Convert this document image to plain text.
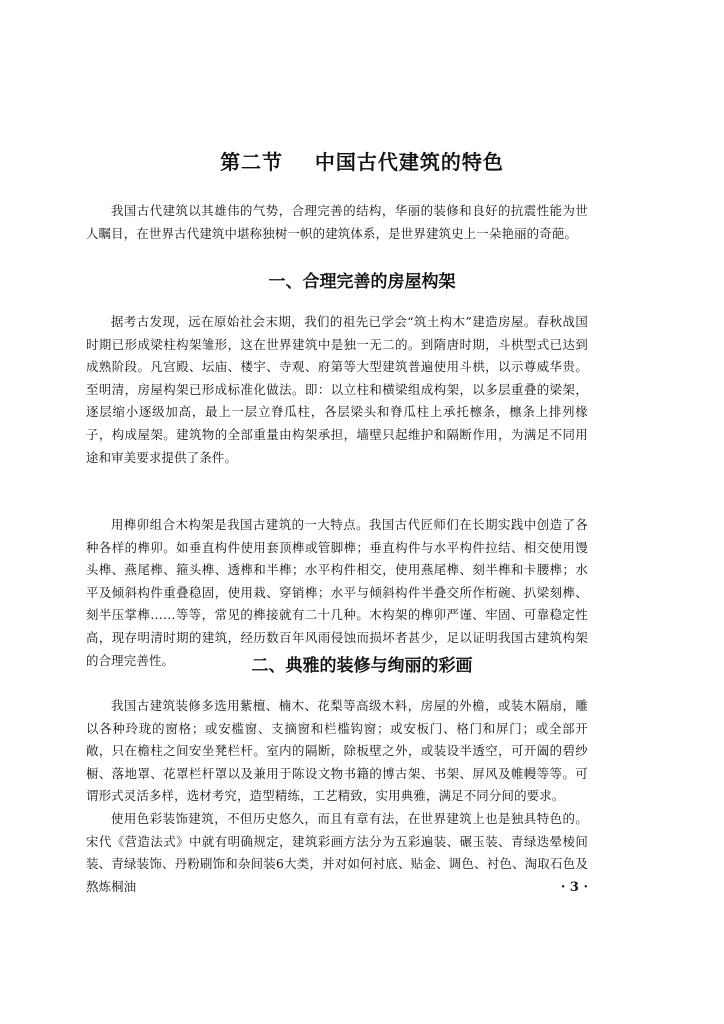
第二节    中国古代建筑的特色

我国古代建筑以其雄伟的气势，合理完善的结构，华丽的装修和良好的抗震性能为世人瞩目，在世界古代建筑中堪称独树一帜的建筑体系，是世界建筑史上一朵艳丽的奇葩。

一、合理完善的房屋构架

据考古发现，远在原始社会末期，我们的祖先已学会“筑土构木”建造房屋。春秋战国时期已形成梁柱构架雏形，这在世界建筑中是独一无二的。到隋唐时期，斗栱型式已达到成熟阶段。凡宫殿、坛庙、楼宇、寺观、府第等大型建筑普遍使用斗栱，以示尊威华贵。至明清，房屋构架已形成标准化做法。即：以立柱和横梁组成构架，以多层重叠的梁架，逐层缩小逐级加高，最上一层立脊瓜柱，各层梁头和脊瓜柱上承托檩条，檩条上排列椽子，构成屋架。建筑物的全部重量由构架承担，墙壁只起维护和隔断作用，为满足不同用途和审美要求提供了条件。

用榫卯组合木构架是我国古建筑的一大特点。我国古代匠师们在长期实践中创造了各种各样的榫卯。如垂直构件使用套顶榫或管脚榫；垂直构件与水平构件拉结、相交使用馒头榫、燕尾榫、箍头榫、透榫和半榫；水平构件相交，使用燕尾榫、刻半榫和卡腰榫；水平及倾斜构件重叠稳固，使用栽、穿销榫；水平与倾斜构件半叠交所作桁碗、扒梁刻榫、刻半压掌榫……等等，常见的榫接就有二十几种。木构架的榫卯严谨、牢固、可靠稳定性高，现存明清时期的建筑，经历数百年风雨侵蚀而损坏者甚少，足以证明我国古建筑构架的合理完善性。	二、典雅的装修与绚丽的彩画

我国古建筑装修多选用紫檀、楠木、花梨等高级木料，房屋的外檐，或装木隔扇，雕以各种玲珑的窗格；或安槛窗、支摘窗和栏槛钩窗；或安板门、格门和屏门；或全部开敞，只在檐柱之间安坐凳栏杆。室内的隔断，除板壁之外，或装设半透空，可开阖的碧纱橱、落地罩、花罩栏杆罩以及兼用于陈设文物书籍的博古架、书架、屏风及帷幔等等。可谓形式灵活多样，选材考究，造型精练，工艺精致，实用典雅，满足不同分间的要求。

使用色彩装饰建筑，不但历史悠久，而且有章有法，在世界建筑上也是独具特色的。宋代《营造法式》中就有明确规定，建筑彩画方法分为五彩遍装、碾玉装、青绿迭晕棱间装、青绿装饰、丹粉刷饰和杂间装6大类，并对如何衬底、贴金、调色、衬色、淘取石色及熬炼桐油	· 3 ·
